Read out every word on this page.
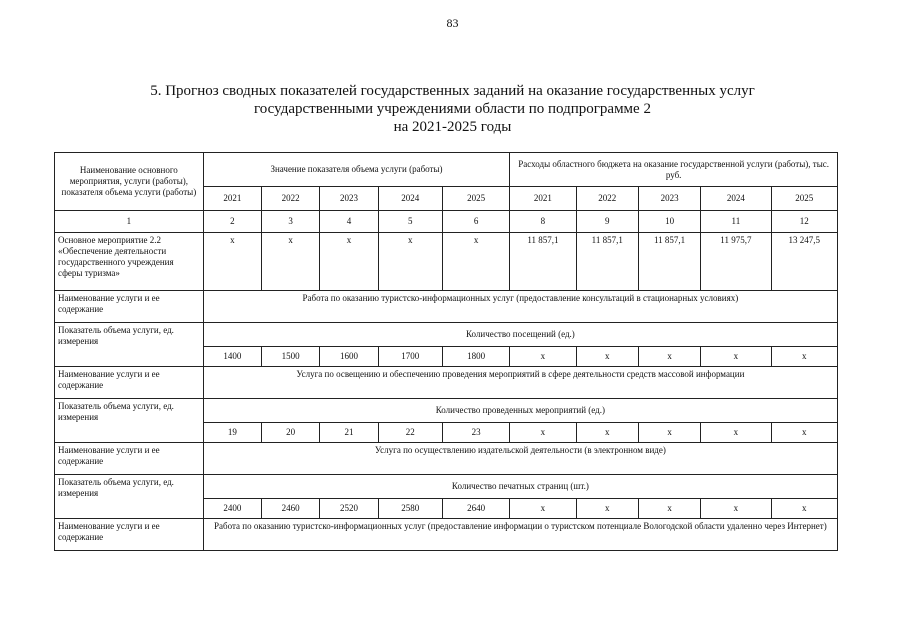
83
5. Прогноз сводных показателей государственных заданий на оказание государственных услуг
государственными учреждениями области по подпрограмме 2
на 2021-2025 годы
Наименование основного мероприятия, услуги (работы), показателя объема услуги (работы)	Значение показателя объема услуги (работы)					Расходы областного бюджета на оказание государственной услуги (работы), тыс. руб.				
	2021	2022	2023	2024	2025	2021	2022	2023	2024	2025
1	2	3	4	5	6	8	9	10	11	12
Основное мероприятие 2.2 «Обеспечение деятельности государственного учреждения сферы туризма»	x	x	x	x	x	11 857,1	11 857,1	11 857,1	11 975,7	13 247,5
Наименование услуги и ее содержание	Работа по оказанию туристско-информационных услуг (предоставление консультаций в стационарных условиях)									
Показатель объема услуги, ед. измерения	Количество посещений (ед.)									
	1400	1500	1600	1700	1800	x	x	x	x	x
Наименование услуги и ее содержание	Услуга по освещению и обеспечению проведения мероприятий в сфере деятельности средств массовой информации									
Показатель объема услуги, ед. измерения	Количество проведенных мероприятий (ед.)									
	19	20	21	22	23	x	x	x	x	x
Наименование услуги и ее содержание	Услуга по осуществлению издательской деятельности (в электронном виде)									
Показатель объема услуги, ед. измерения	Количество печатных страниц (шт.)									
	2400	2460	2520	2580	2640	x	x	x	x	x
Наименование услуги и ее содержание	Работа по оказанию туристско-информационных услуг (предоставление информации о туристском потенциале Вологодской области удаленно через Интернет)									
